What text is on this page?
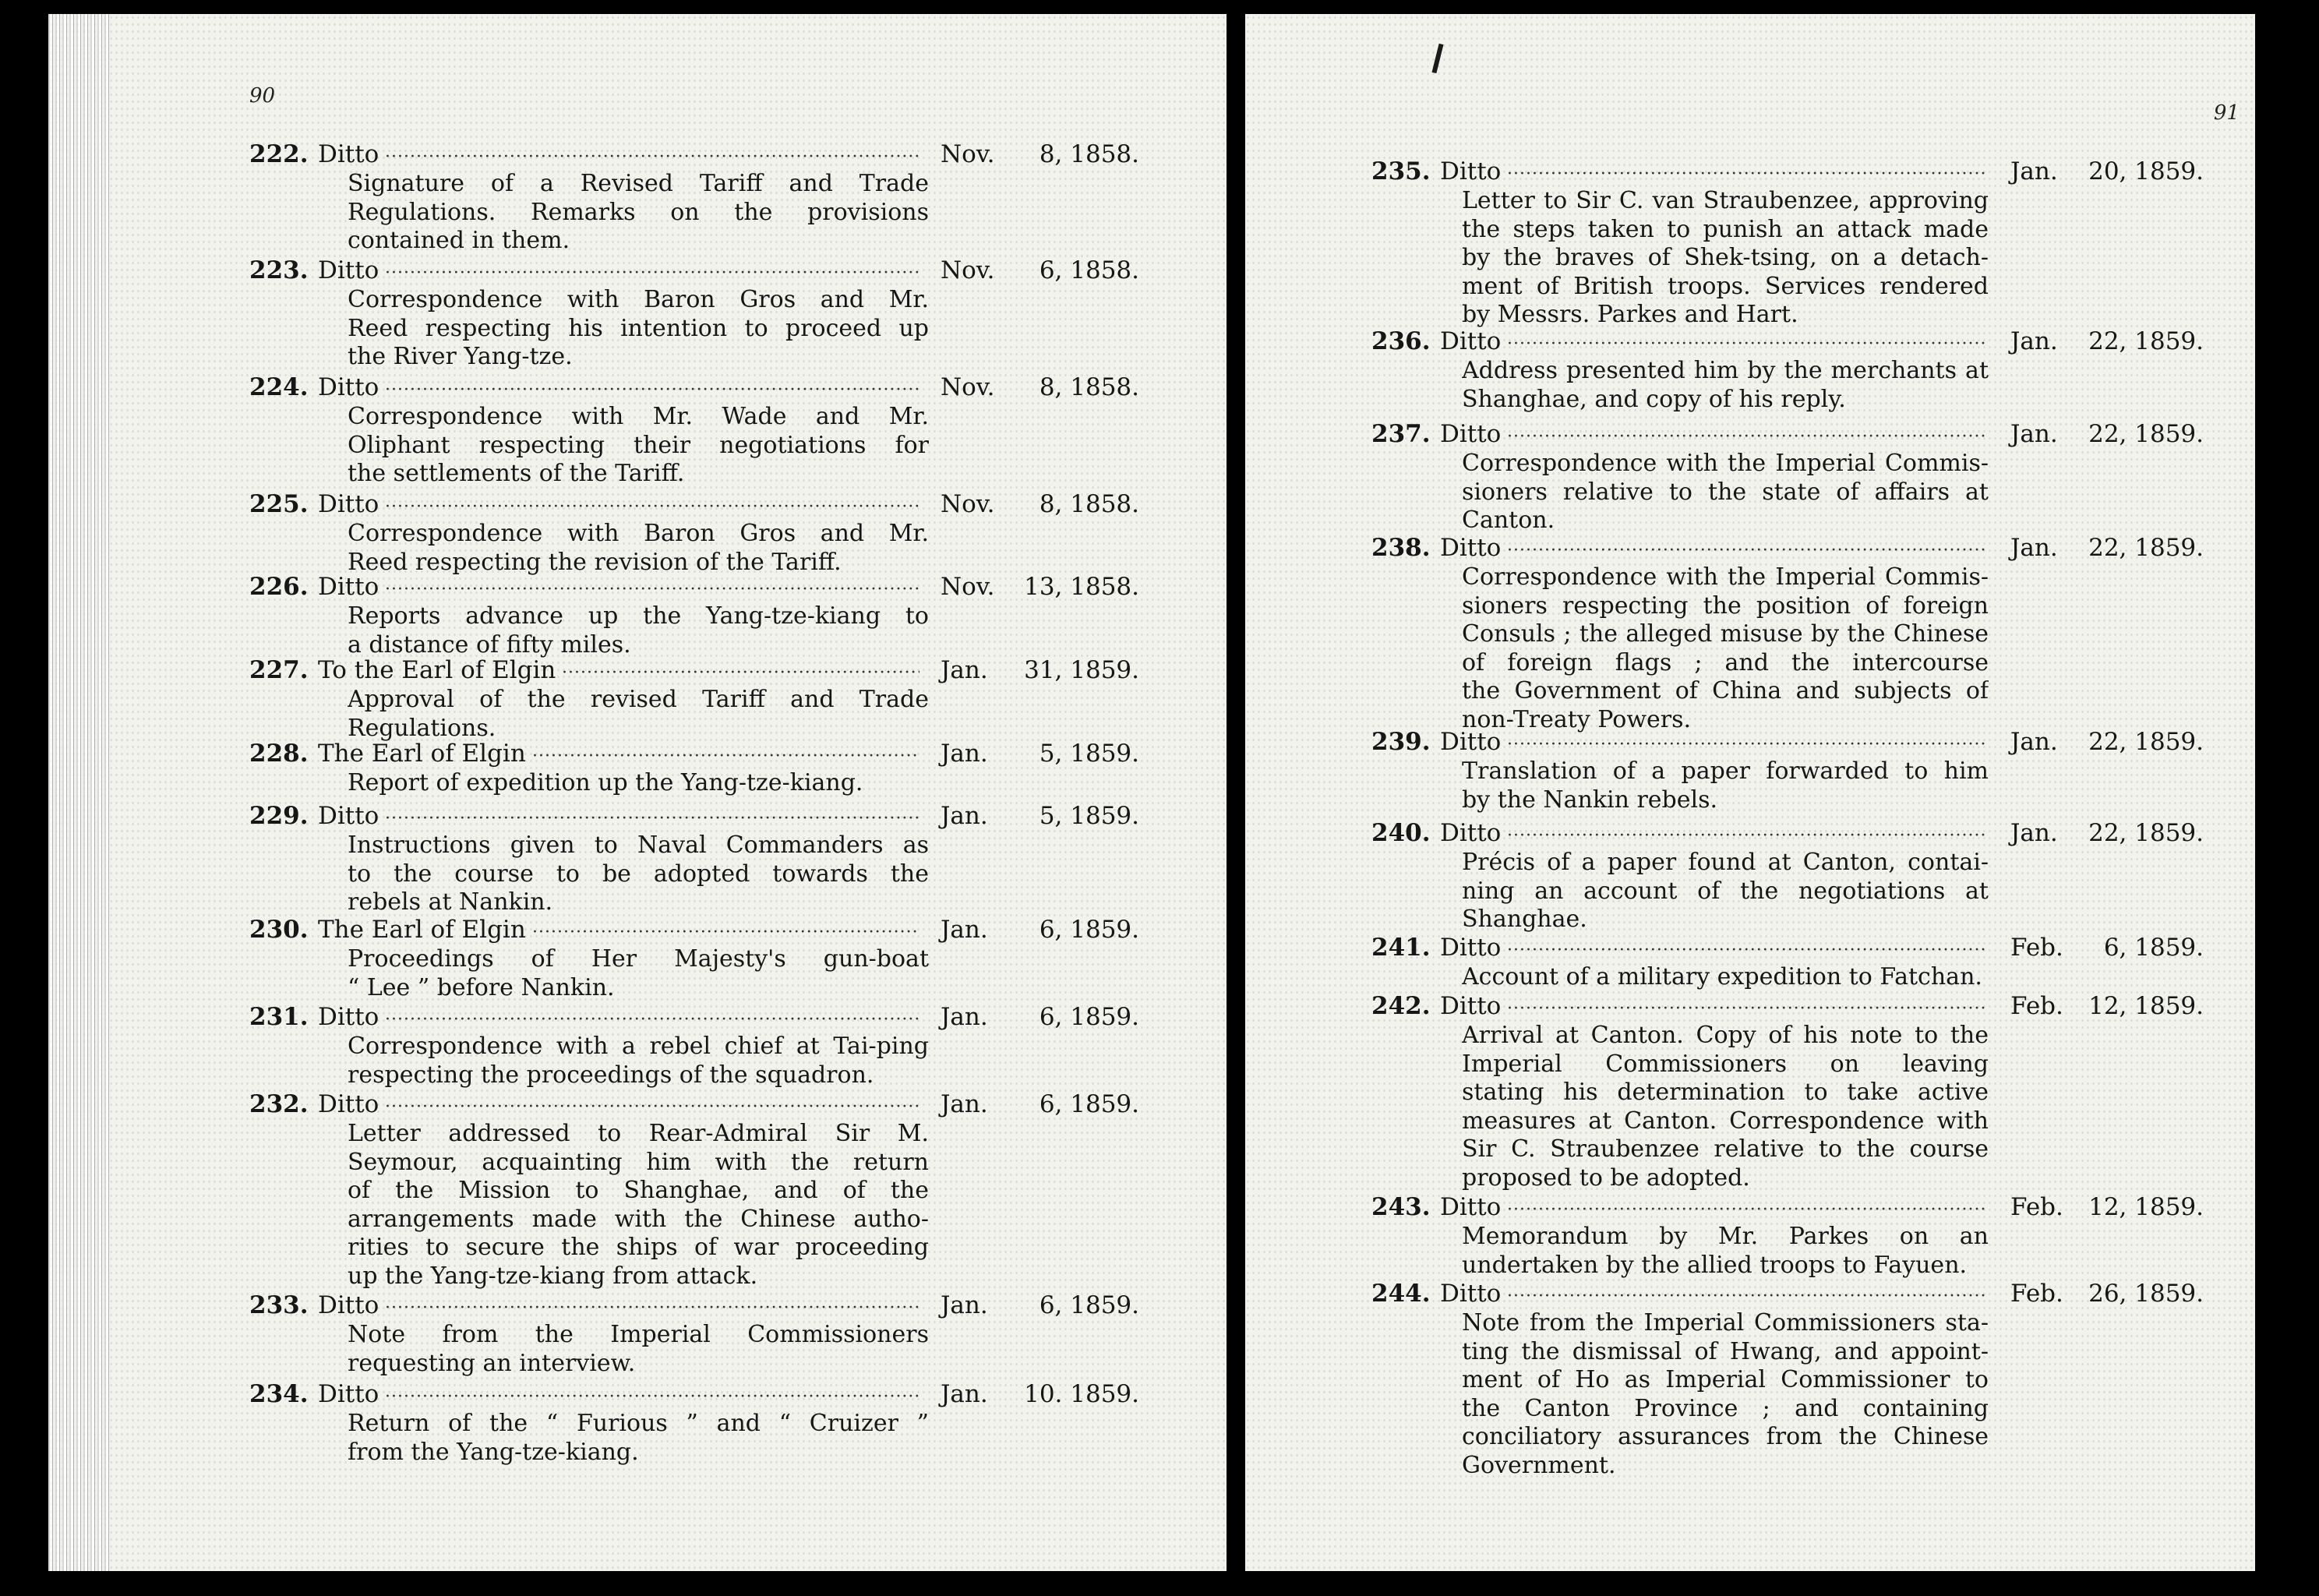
90
222. Ditto ·····	Nov.	8, 1858.
Signature of a Revised Tariff and Trade
Regulations. Remarks on the provisions
contained in them.
223. Ditto ·····	Nov.	6, 1858.
Correspondence with Baron Gros and Mr.
Reed respecting his intention to proceed up
the River Yang-tze.
224. Ditto ·····	Nov.	8, 1858.
Correspondence with Mr. Wade and Mr.
Oliphant respecting their negotiations for
the settlements of the Tariff.
225. Ditto ·····	Nov.	8, 1858.
Correspondence with Baron Gros and Mr.
Reed respecting the revision of the Tariff.
226. Ditto ·····	Nov.	13, 1858.
Reports advance up the Yang-tze-kiang to
a distance of fifty miles.
227. To the Earl of Elgin ·····	Jan.	31, 1859.
Approval of the revised Tariff and Trade
Regulations.
228. The Earl of Elgin ·····	Jan.	5, 1859.
Report of expedition up the Yang-tze-kiang.
229. Ditto ·····	Jan.	5, 1859.
Instructions given to Naval Commanders as
to the course to be adopted towards the
rebels at Nankin.
230. The Earl of Elgin ·····	Jan.	6, 1859.
Proceedings of Her Majesty's gun-boat
“ Lee ” before Nankin.
231. Ditto ·····	Jan.	6, 1859.
Correspondence with a rebel chief at Tai-ping
respecting the proceedings of the squadron.
232. Ditto ·····	Jan.	6, 1859.
Letter addressed to Rear-Admiral Sir M.
Seymour, acquainting him with the return
of the Mission to Shanghae, and of the
arrangements made with the Chinese autho-
rities to secure the ships of war proceeding
up the Yang-tze-kiang from attack.
233. Ditto ·····	Jan.	6, 1859.
Note from the Imperial Commissioners
requesting an interview.
234. Ditto ·····	Jan.	10. 1859.
Return of the “ Furious ” and “ Cruizer ”
from the Yang-tze-kiang.
91
235. Ditto ·····	Jan.	20, 1859.
Letter to Sir C. van Straubenzee, approving
the steps taken to punish an attack made
by the braves of Shek-tsing, on a detach-
ment of British troops. Services rendered
by Messrs. Parkes and Hart.
236. Ditto ·····	Jan.	22, 1859.
Address presented him by the merchants at
Shanghae, and copy of his reply.
237. Ditto ·····	Jan.	22, 1859.
Correspondence with the Imperial Commis-
sioners relative to the state of affairs at
Canton.
238. Ditto ·····	Jan.	22, 1859.
Correspondence with the Imperial Commis-
sioners respecting the position of foreign
Consuls ; the alleged misuse by the Chinese
of foreign flags ; and the intercourse
the Government of China and subjects of
non-Treaty Powers.
239. Ditto ·····	Jan.	22, 1859.
Translation of a paper forwarded to him
by the Nankin rebels.
240. Ditto ·····	Jan.	22, 1859.
Précis of a paper found at Canton, contai-
ning an account of the negotiations at
Shanghae.
241. Ditto ·····	Feb.	6, 1859.
Account of a military expedition to Fatchan.
242. Ditto ·····	Feb.	12, 1859.
Arrival at Canton. Copy of his note to the
Imperial Commissioners on leaving
stating his determination to take active
measures at Canton. Correspondence with
Sir C. Straubenzee relative to the course
proposed to be adopted.
243. Ditto ·····	Feb.	12, 1859.
Memorandum by Mr. Parkes on an
undertaken by the allied troops to Fayuen.
244. Ditto ·····	Feb.	26, 1859.
Note from the Imperial Commissioners sta-
ting the dismissal of Hwang, and appoint-
ment of Ho as Imperial Commissioner to
the Canton Province ; and containing
conciliatory assurances from the Chinese
Government.
